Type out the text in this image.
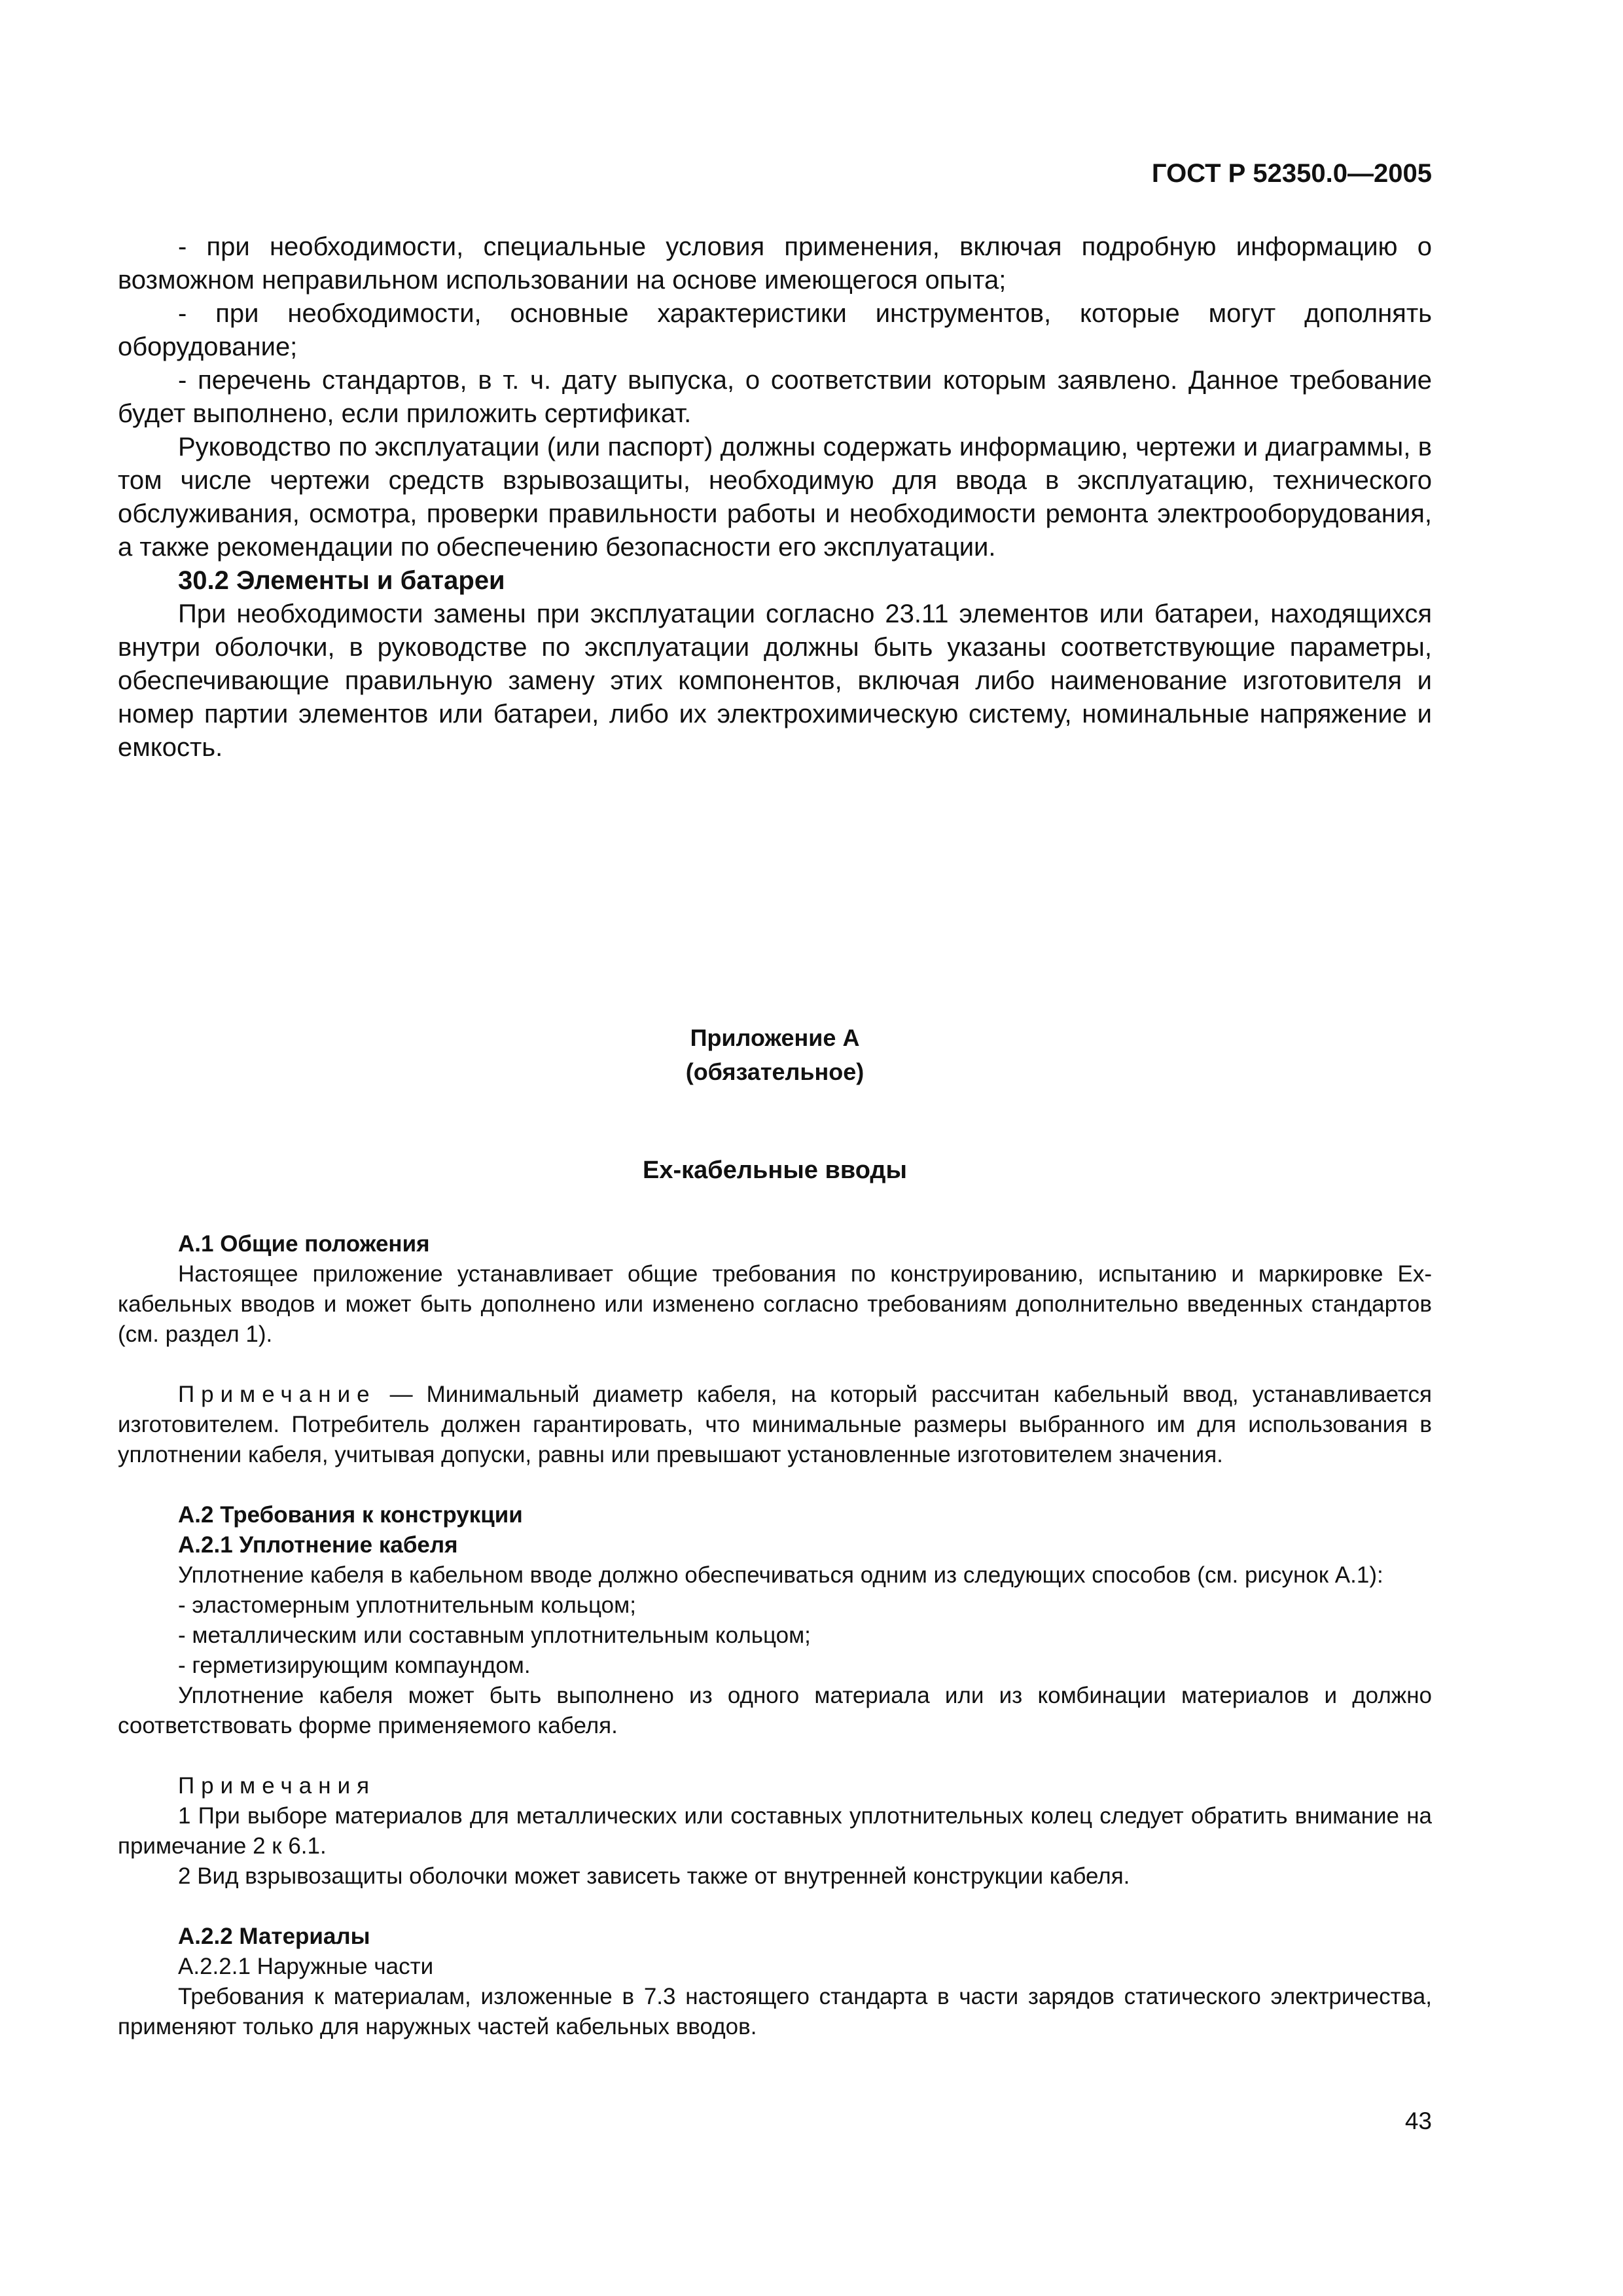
ГОСТ Р 52350.0—2005

- при необходимости, специальные условия применения, включая подробную информацию о возможном неправильном использовании на основе имеющегося опыта;

- при необходимости, основные характеристики инструментов, которые могут дополнять оборудование;

- перечень стандартов, в т. ч. дату выпуска, о соответствии которым заявлено. Данное требование будет выполнено, если приложить сертификат.

Руководство по эксплуатации (или паспорт) должны содержать информацию, чертежи и диаграммы, в том числе чертежи средств взрывозащиты, необходимую для ввода в эксплуатацию, технического обслуживания, осмотра, проверки правильности работы и необходимости ремонта электрооборудования, а также рекомендации по обеспечению безопасности его эксплуатации.

30.2 Элементы и батареи

При необходимости замены при эксплуатации согласно 23.11 элементов или батареи, находящихся внутри оболочки, в руководстве по эксплуатации должны быть указаны соответствующие параметры, обеспечивающие правильную замену этих компонентов, включая либо наименование изготовителя и номер партии элементов или батареи, либо их электрохимическую систему, номинальные напряжение и емкость.

Приложение А

(обязательное)

Ех-кабельные вводы

А.1 Общие положения

Настоящее приложение устанавливает общие требования по конструированию, испытанию и маркировке Ех-кабельных вводов и может быть дополнено или изменено согласно требованиям дополнительно введенных стандартов (см. раздел 1).

Примечание — Минимальный диаметр кабеля, на который рассчитан кабельный ввод, устанавливается изготовителем. Потребитель должен гарантировать, что минимальные размеры выбранного им для использования в уплотнении кабеля, учитывая допуски, равны или превышают установленные изготовителем значения.

А.2 Требования к конструкции

А.2.1 Уплотнение кабеля

Уплотнение кабеля в кабельном вводе должно обеспечиваться одним из следующих способов (см. рисунок А.1):

- эластомерным уплотнительным кольцом;

- металлическим или составным уплотнительным кольцом;

- герметизирующим компаундом.

Уплотнение кабеля может быть выполнено из одного материала или из комбинации материалов и должно соответствовать форме применяемого кабеля.

Примечания

1 При выборе материалов для металлических или составных уплотнительных колец следует обратить внимание на примечание 2 к 6.1.

2 Вид взрывозащиты оболочки может зависеть также от внутренней конструкции кабеля.

А.2.2 Материалы

А.2.2.1 Наружные части

Требования к материалам, изложенные в 7.3 настоящего стандарта в части зарядов статического электричества, применяют только для наружных частей кабельных вводов.

43
